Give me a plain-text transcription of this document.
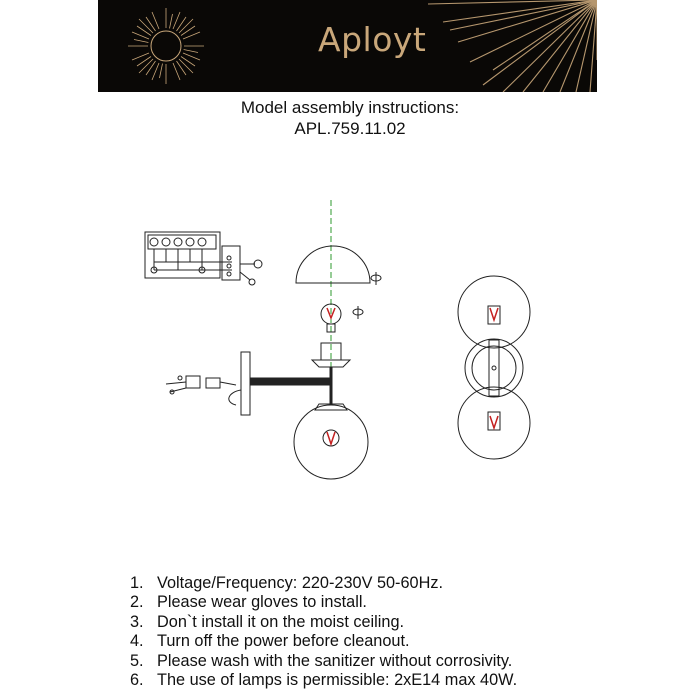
Aployt
Model assembly instructions:
APL.759.11.02
1. Voltage/Frequency: 220-230V 50-60Hz.
2. Please wear gloves to install.
3. Don`t install it on the moist ceiling.
4. Turn off the power before cleanout.
5. Please wash with the sanitizer without corrosivity.
6. The use of lamps is permissible: 2xE14 max 40W.
